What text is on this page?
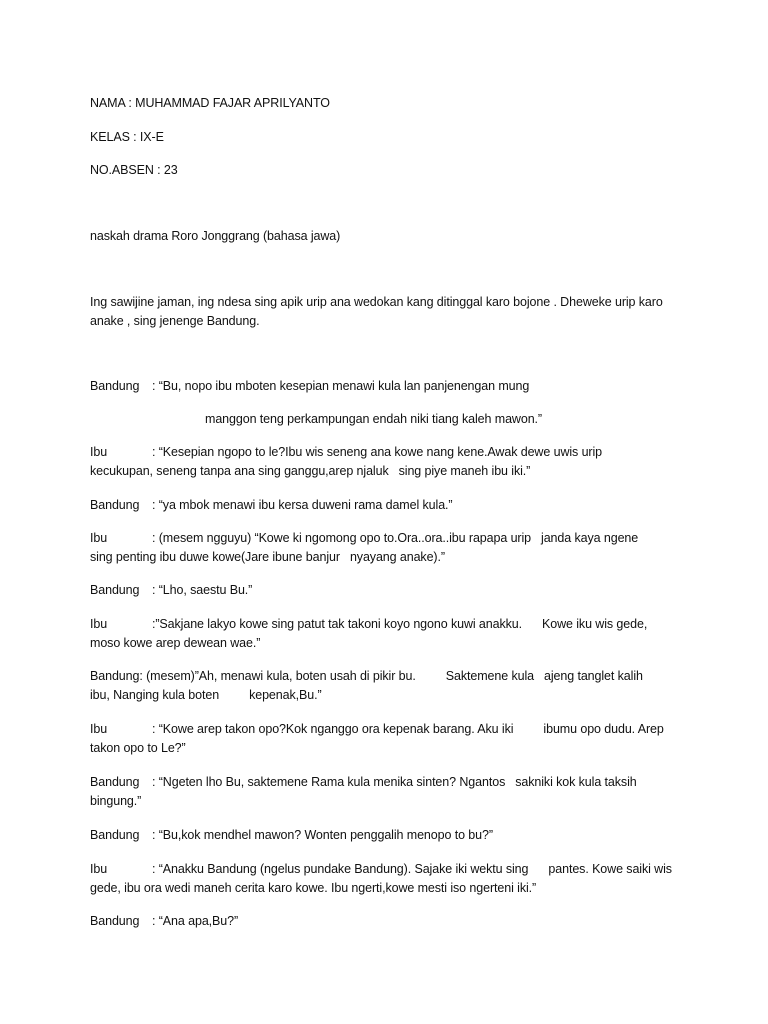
NAMA : MUHAMMAD FAJAR APRILYANTO
KELAS : IX-E
NO.ABSEN : 23
naskah drama Roro Jonggrang (bahasa jawa)
Ing sawijine jaman, ing ndesa sing apik urip ana wedokan kang ditinggal karo bojone . Dheweke urip karo
anake , sing jenenge Bandung.
Bandung : “Bu, nopo ibu mboten kesepian menawi kula lan panjenengan mung
manggon teng perkampungan endah niki tiang kaleh mawon.”
Ibu	: “Kesepian ngopo to le?Ibu wis seneng ana kowe nang kene.Awak dewe uwis urip
kecukupan, seneng tanpa ana sing ganggu,arep njaluk sing piye maneh ibu iki.”
Bandung : “ya mbok menawi ibu kersa duweni rama damel kula.”
Ibu	: (mesem ngguyu) “Kowe ki ngomong opo to.Ora..ora..ibu rapapa urip janda kaya ngene
sing penting ibu duwe kowe(Jare ibune banjur nyayang anake).”
Bandung : “Lho, saestu Bu.”
Ibu	:”Sakjane lakyo kowe sing patut tak takoni koyo ngono kuwi anakku. Kowe iku wis gede,
moso kowe arep dewean wae.”
Bandung: (mesem)”Ah, menawi kula, boten usah di pikir bu. Saktemene kula ajeng tanglet kalih
ibu, Nanging kula boten kepenak,Bu.”
Ibu	: “Kowe arep takon opo?Kok nganggo ora kepenak barang. Aku iki ibumu opo dudu. Arep
takon opo to Le?”
Bandung : “Ngeten lho Bu, saktemene Rama kula menika sinten? Ngantos sakniki kok kula taksih
bingung.”
Bandung : “Bu,kok mendhel mawon? Wonten penggalih menopo to bu?”
Ibu	: “Anakku Bandung (ngelus pundake Bandung). Sajake iki wektu sing pantes. Kowe saiki wis
gede, ibu ora wedi maneh cerita karo kowe. Ibu ngerti,kowe mesti iso ngerteni iki.”
Bandung : “Ana apa,Bu?”
